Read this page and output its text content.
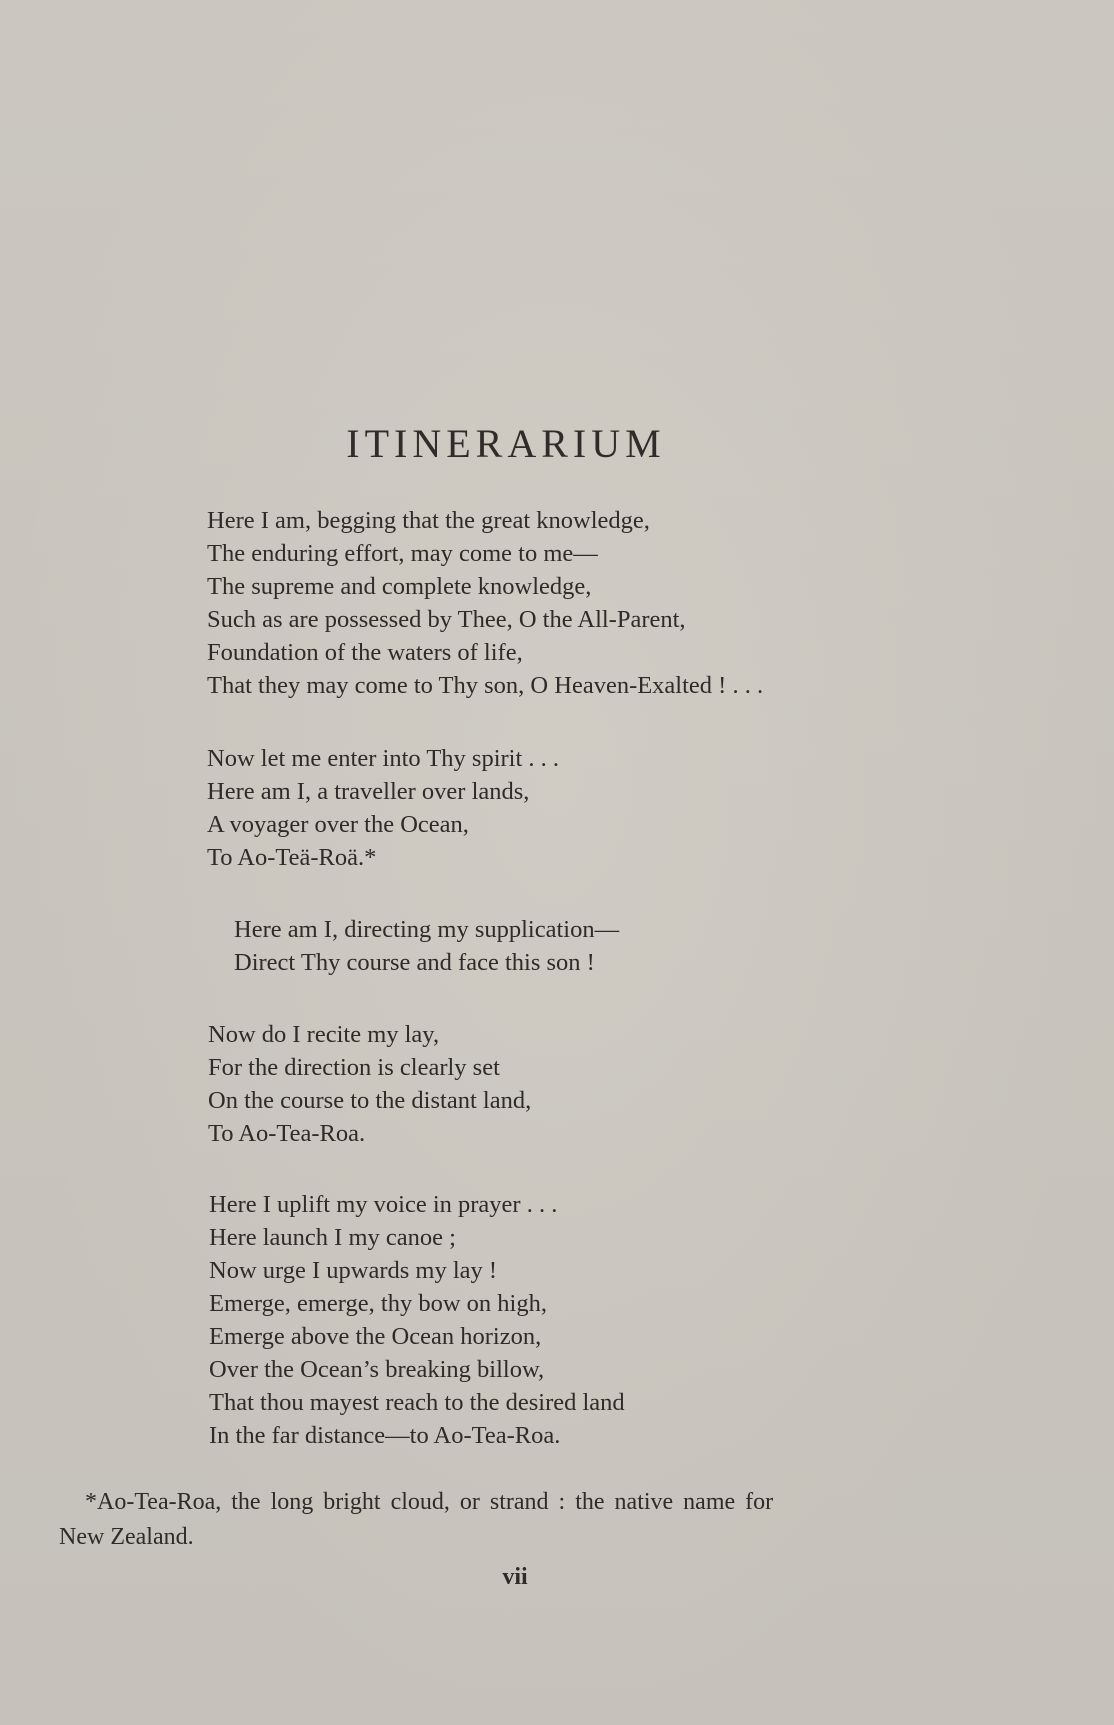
ITINERARIUM
Here I am, begging that the great knowledge,
The enduring effort, may come to me—
The supreme and complete knowledge,
Such as are possessed by Thee, O the All-Parent,
Foundation of the waters of life,
That they may come to Thy son, O Heaven-Exalted ! . . .
Now let me enter into Thy spirit . . .
Here am I, a traveller over lands,
A voyager over the Ocean,
To Ao-Teä-Roä.*
Here am I, directing my supplication—
Direct Thy course and face this son !
Now do I recite my lay,
For the direction is clearly set
On the course to the distant land,
To Ao-Tea-Roa.
Here I uplift my voice in prayer . . .
Here launch I my canoe ;
Now urge I upwards my lay !
Emerge, emerge, thy bow on high,
Emerge above the Ocean horizon,
Over the Ocean’s breaking billow,
That thou mayest reach to the desired land
In the far distance—to Ao-Tea-Roa.

*Ao-Tea-Roa, the long bright cloud, or strand : the native name for
New Zealand.

vii
